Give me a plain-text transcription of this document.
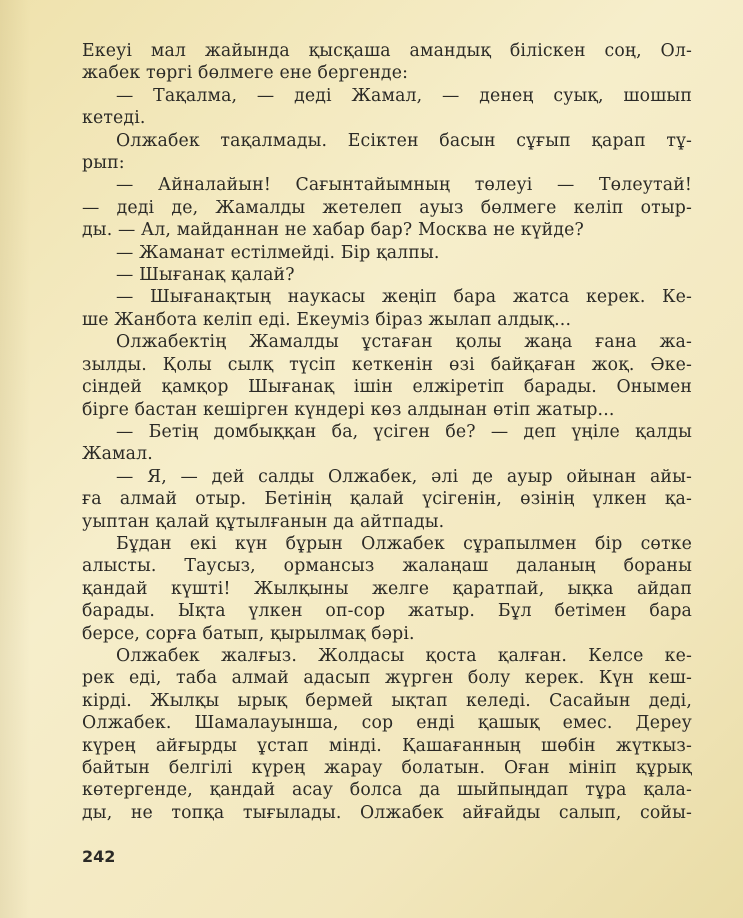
Екеуі мал жайында қысқаша амандық біліскен соң, Ол-
жабек төргі бөлмеге ене бергенде:
— Тақалма, — деді Жамал, — денең суық, шошып
кетеді.
Олжабек тақалмады. Есіктен басын сұғып қарап тұ-
рып:
— Айналайын! Сағынтайымның төлеуі — Төлеутай!
— деді де, Жамалды жетелеп ауыз бөлмеге келіп отыр-
ды. — Ал, майданнан не хабар бар? Москва не күйде?
— Жаманат естілмейді. Бір қалпы.
— Шығанақ қалай?
— Шығанақтың наукасы жеңіп бара жатса керек. Ке-
ше Жанбота келіп еді. Екеуміз біраз жылап алдық...
Олжабектің Жамалды ұстаған қолы жаңа ғана жа-
зылды. Қолы сылқ түсіп кеткенін өзі байқаған жоқ. Әке-
сіндей қамқор Шығанақ ішін елжіретіп барады. Онымен
бірге бастан кешірген күндері көз алдынан өтіп жатыр...
— Бетің домбыққан ба, үсіген бе? — деп үңіле қалды
Жамал.
— Я, — дей салды Олжабек, әлі де ауыр ойынан айы-
ға алмай отыр. Бетінің қалай үсігенін, өзінің үлкен қа-
уыптан қалай құтылғанын да айтпады.
Бұдан екі күн бұрын Олжабек сұрапылмен бір сөтке
алысты. Таусыз, ормансыз жалаңаш даланың бораны
қандай күшті! Жылқыны желге қаратпай, ықка айдап
барады. Ықта үлкен оп-сор жатыр. Бұл бетімен бара
берсе, сорға батып, қырылмақ бәрі.
Олжабек жалғыз. Жолдасы қоста қалған. Келсе ке-
рек еді, таба алмай адасып жүрген болу керек. Күн кеш-
кірді. Жылқы ырық бермей ықтап келеді. Сасайын деді,
Олжабек. Шамалауынша, сор енді қашық емес. Дереу
күрең айғырды ұстап мінді. Қашағанның шөбін жүткыз-
байтын белгілі күрең жарау болатын. Оған мініп құрық
көтергенде, қандай асау болса да шыйпыңдап тұра қала-
ды, не топқа тығылады. Олжабек айғайды салып, сойы-
242
